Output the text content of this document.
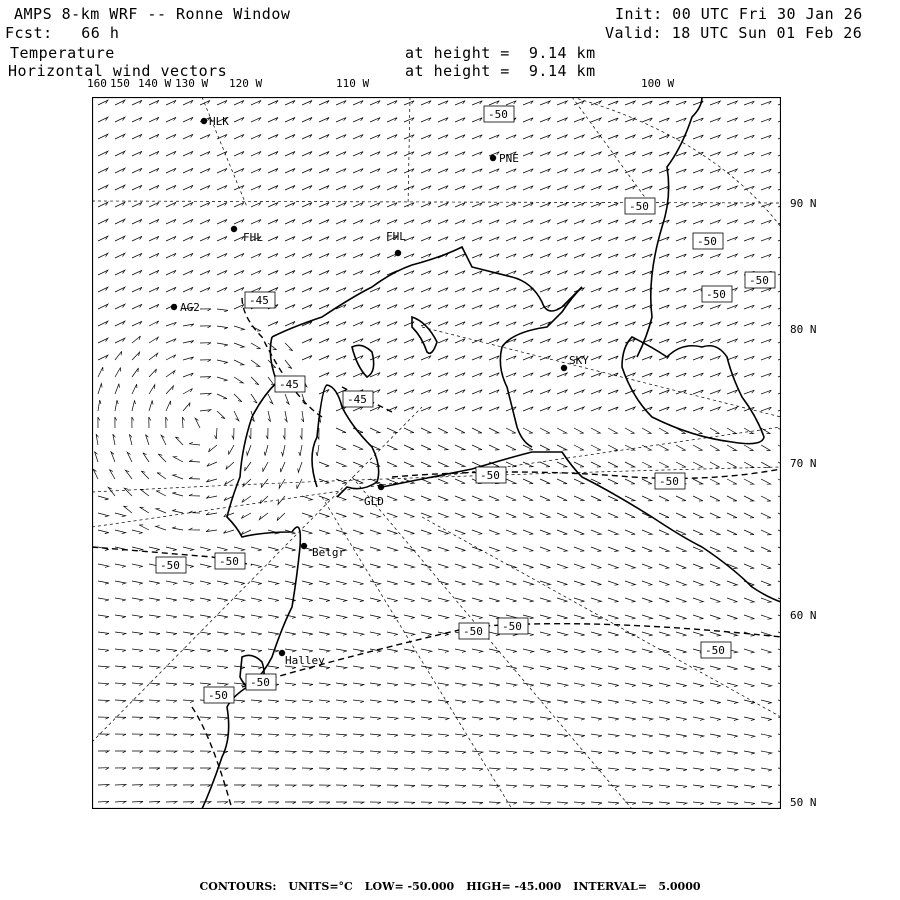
AMPS 8-km WRF -- Ronne Window
Fcst:   66 h
Temperature
Horizontal wind vectors
at height =  9.14 km
at height =  9.14 km
Init: 00 UTC Fri 30 Jan 26
Valid: 18 UTC Sun 01 Feb 26
160 150 140 W 130 W 120 W	110 W	100 W
90 N
80 N
70 N
60 N
50 N
HLK
PNE
FHL	FHL
AG2
SKY
GLD
Belgr
Halley
-50
-50
-50
-50
-45
-45
-45
-50	-50
-50
-50	-50
-50 -50
-50
-50
-50
CONTOURS: UNITS=°C LOW= -50.000 HIGH= -45.000 INTERVAL=   5.0000
